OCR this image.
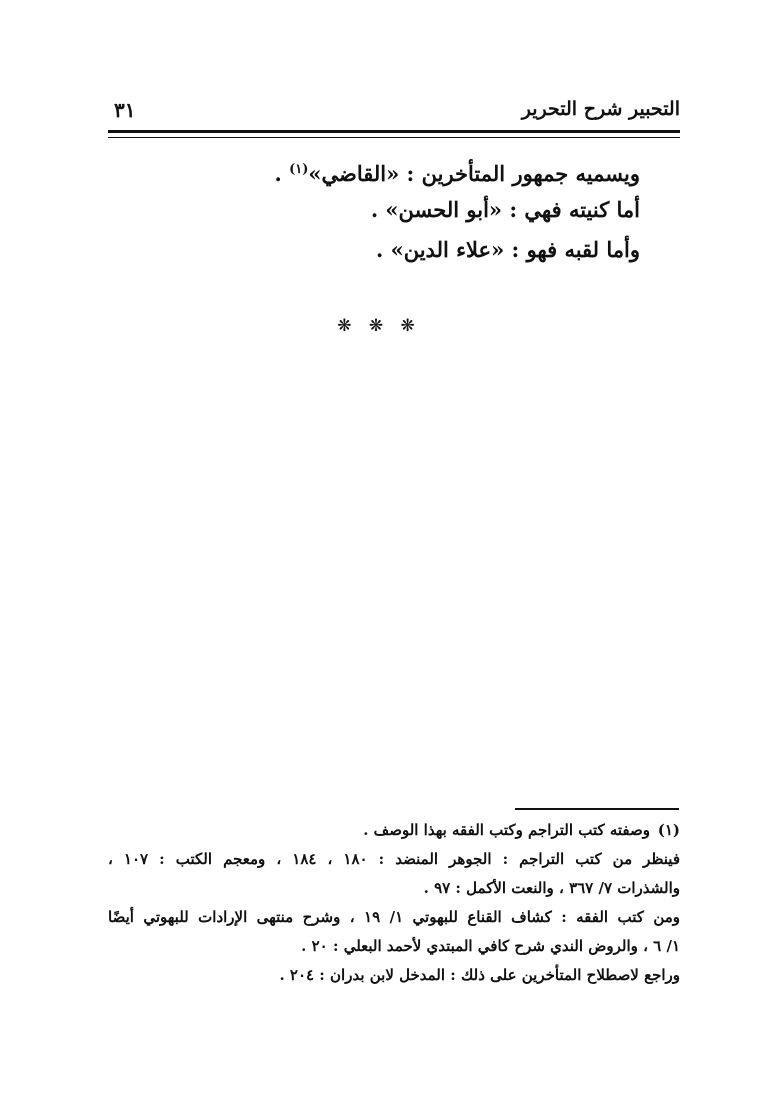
التحبير شرح التحرير
٣١
ويسميه جمهور المتأخرين : «القاضي»$^{(١)}$ .
أما كنيته فهي : «أبو الحسن» .
وأما لقبه فهو : «علاء الدين» .
❋ ❋ ❋
(١)وصفته كتب التراجم وكتب الفقه بهذا الوصف .
فينظر من كتب التراجم : الجوهر المنضد : ١٨٠ ، ١٨٤ ، ومعجم الكتب : ١٠٧ ،
والشذرات ٧/ ٣٦٧ ، والنعت الأكمل : ٩٧ .
ومن كتب الفقه : كشاف القناع للبهوتي ١/ ١٩ ، وشرح منتهى الإرادات للبهوتي أيضًا
١/ ٦ ، والروض الندي شرح كافي المبتدي لأحمد البعلي : ٢٠ .
وراجع لاصطلاح المتأخرين على ذلك : المدخل لابن بدران : ٢٠٤ .
